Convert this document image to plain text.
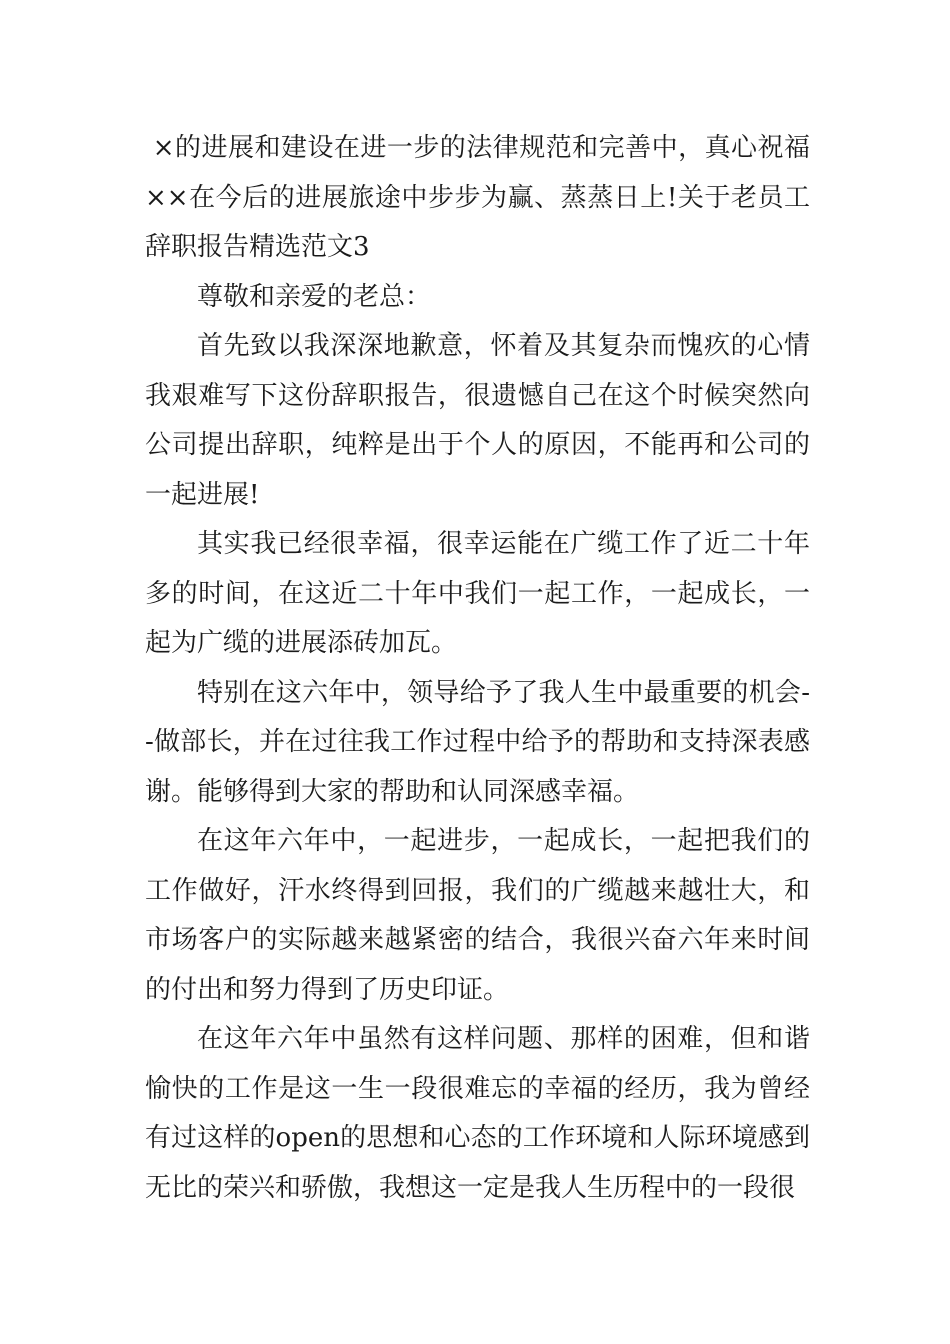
×的进展和建设在进一步的法律规范和完善中，真心祝福××在今后的进展旅途中步步为赢、蒸蒸日上!关于老员工辞职报告精选范文3

尊敬和亲爱的老总：

首先致以我深深地歉意，怀着及其复杂而愧疚的心情我艰难写下这份辞职报告，很遗憾自己在这个时候突然向公司提出辞职，纯粹是出于个人的原因，不能再和公司的一起进展!

其实我已经很幸福，很幸运能在广缆工作了近二十年多的时间，在这近二十年中我们一起工作，一起成长，一起为广缆的进展添砖加瓦。

特别在这六年中，领导给予了我人生中最重要的机会--做部长，并在过往我工作过程中给予的帮助和支持深表感谢。能够得到大家的帮助和认同深感幸福。

在这年六年中，一起进步，一起成长，一起把我们的工作做好，汗水终得到回报，我们的广缆越来越壮大，和市场客户的实际越来越紧密的结合，我很兴奋六年来时间的付出和努力得到了历史印证。

在这年六年中虽然有这样问题、那样的困难，但和谐愉快的工作是这一生一段很难忘的幸福的经历，我为曾经有过这样的open的思想和心态的工作环境和人际环境感到无比的荣兴和骄傲，我想这一定是我人生历程中的一段很
